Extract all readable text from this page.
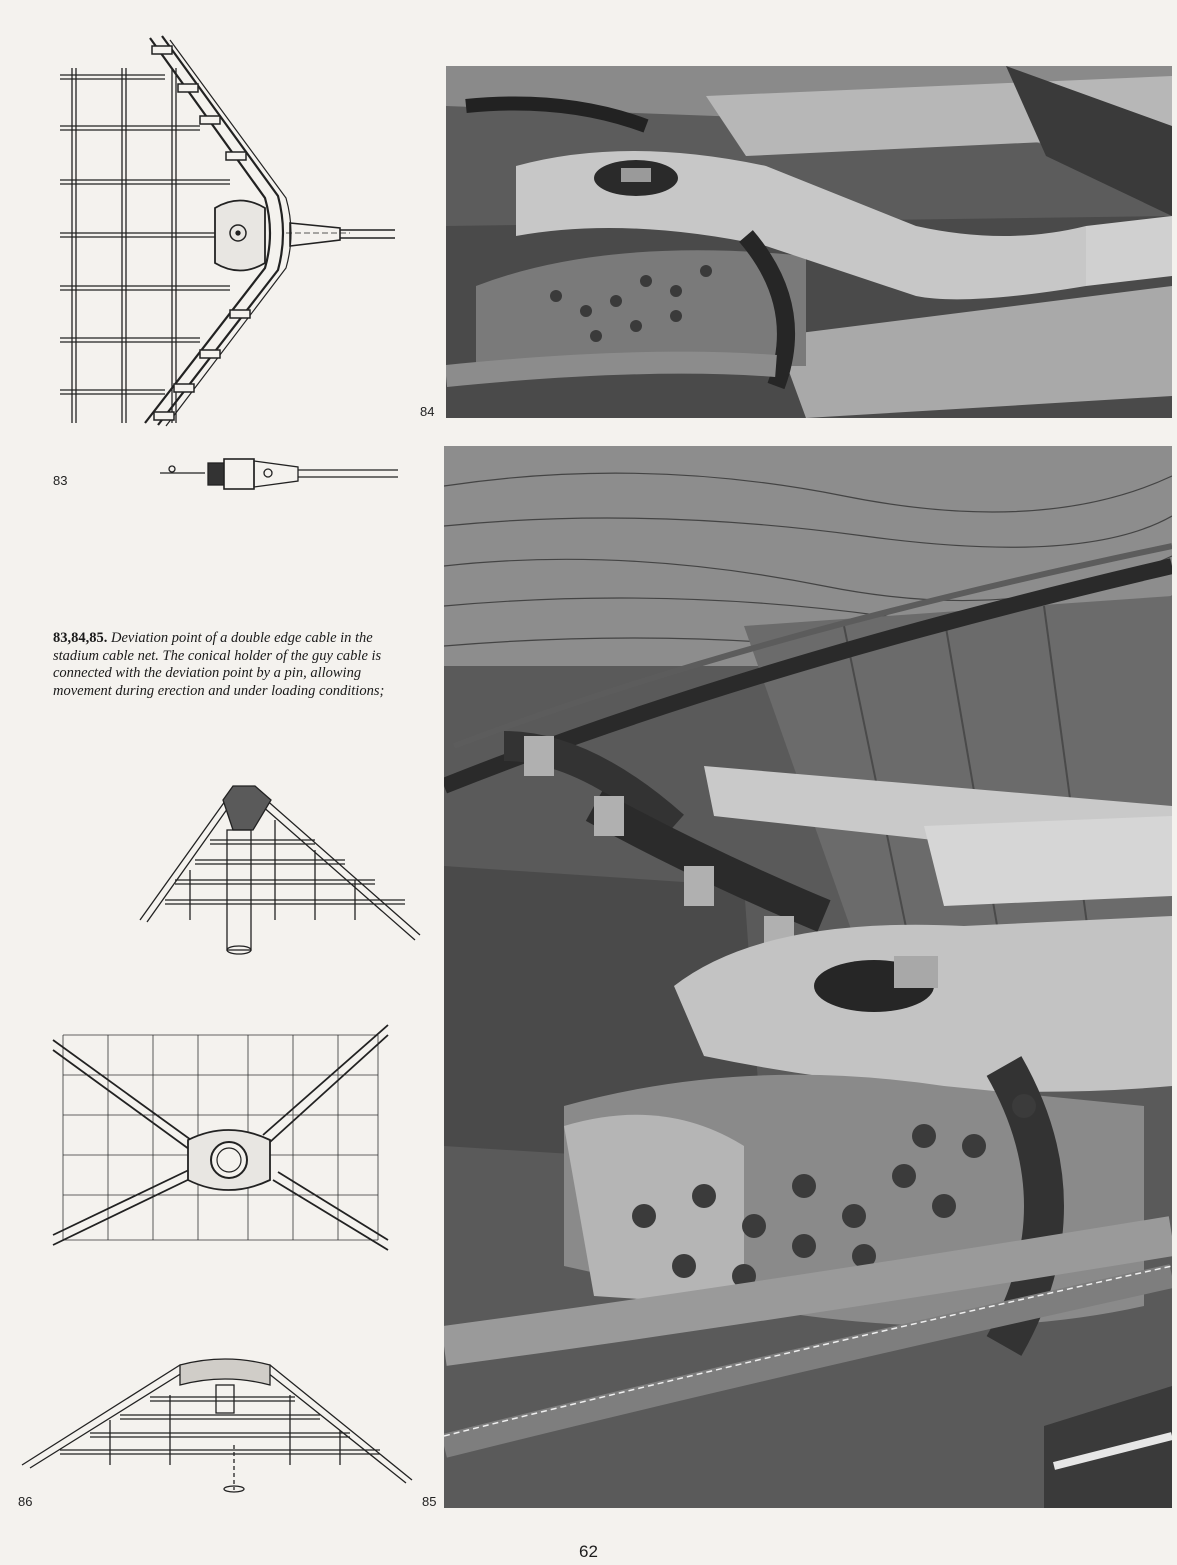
83
83,84,85. Deviation point of a double edge cable in the stadium cable net. The conical holder of the guy cable is connected with the deviation point by a pin, allowing movement during erection and under loading conditions;
84
85
86
62
